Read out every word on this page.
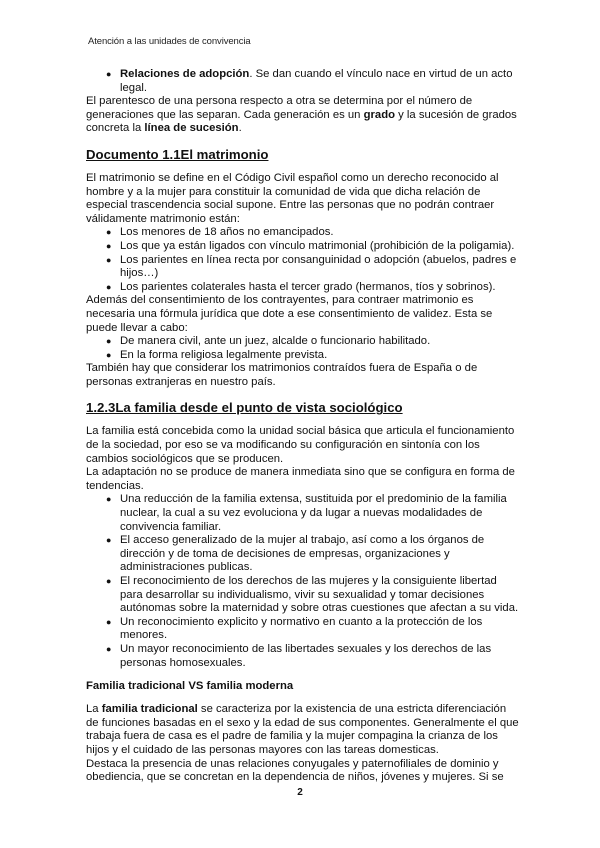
Atención a las unidades de convivencia
● Relaciones de adopción. Se dan cuando el vínculo nace en virtud de un acto legal.

El parentesco de una persona respecto a otra se determina por el número de generaciones que las separan. Cada generación es un grado y la sucesión de grados concreta la línea de sucesión.

Documento 1.1El matrimonio

El matrimonio se define en el Código Civil español como un derecho reconocido al hombre y a la mujer para constituir la comunidad de vida que dicha relación de especial trascendencia social supone. Entre las personas que no podrán contraer válidamente matrimonio están:

● Los menores de 18 años no emancipados.
● Los que ya están ligados con vínculo matrimonial (prohibición de la poligamia).
● Los parientes en línea recta por consanguinidad o adopción (abuelos, padres e hijos…)
● Los parientes colaterales hasta el tercer grado (hermanos, tíos y sobrinos).

Además del consentimiento de los contrayentes, para contraer matrimonio es necesaria una fórmula jurídica que dote a ese consentimiento de validez. Esta se puede llevar a cabo:

● De manera civil, ante un juez, alcalde o funcionario habilitado.
● En la forma religiosa legalmente prevista.

También hay que considerar los matrimonios contraídos fuera de España o de personas extranjeras en nuestro país.

1.2.3La familia desde el punto de vista sociológico

La familia está concebida como la unidad social básica que articula el funcionamiento de la sociedad, por eso se va modificando su configuración en sintonía con los cambios sociológicos que se producen.

La adaptación no se produce de manera inmediata sino que se configura en forma de tendencias.

● Una reducción de la familia extensa, sustituida por el predominio de la familia nuclear, la cual a su vez evoluciona y da lugar a nuevas modalidades de convivencia familiar.
● El acceso generalizado de la mujer al trabajo, así como a los órganos de dirección y de toma de decisiones de empresas, organizaciones y administraciones publicas.
● El reconocimiento de los derechos de las mujeres y la consiguiente libertad para desarrollar su individualismo, vivir su sexualidad y tomar decisiones autónomas sobre la maternidad y sobre otras cuestiones que afectan a su vida.
● Un reconocimiento explicito y normativo en cuanto a la protección de los menores.
● Un mayor reconocimiento de las libertades sexuales y los derechos de las personas homosexuales.
Familia tradicional VS familia moderna

La familia tradicional se caracteriza por la existencia de una estricta diferenciación de funciones basadas en el sexo y la edad de sus componentes. Generalmente el que trabaja fuera de casa es el padre de familia y la mujer compagina la crianza de los hijos y el cuidado de las personas mayores con las tareas domesticas.

Destaca la presencia de unas relaciones conyugales y paternofiliales de dominio y obediencia, que se concretan en la dependencia de niños, jóvenes y mujeres. Si se

2
